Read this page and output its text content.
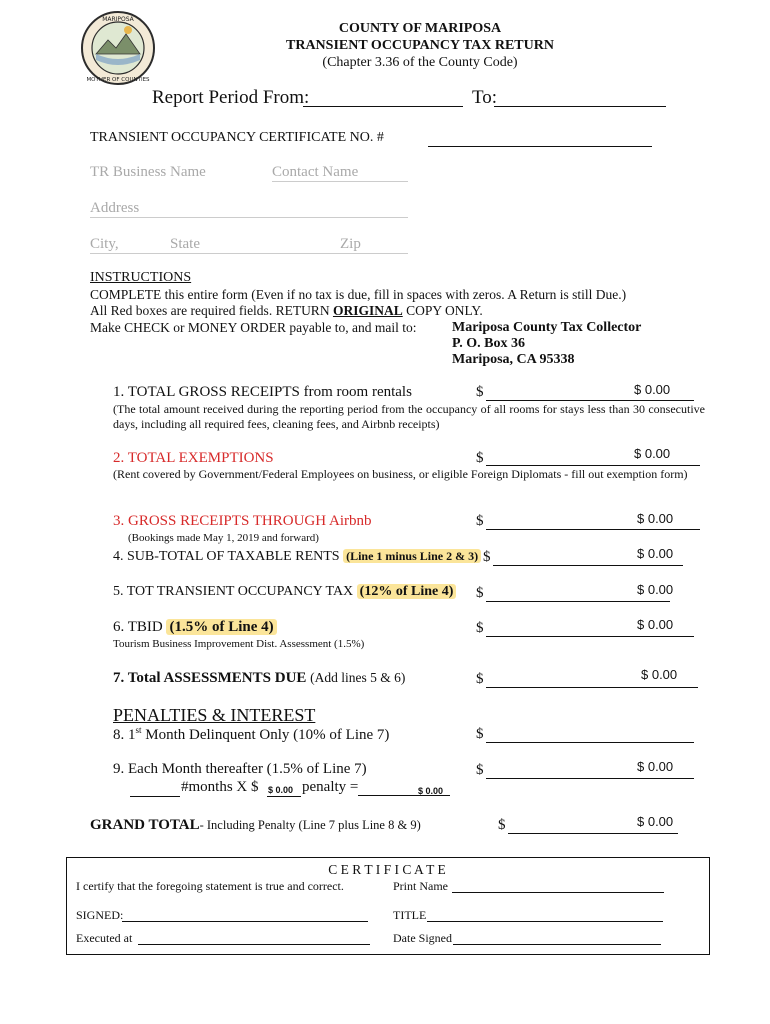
MARIPOSA
MOTHER OF COUNTIES
COUNTY OF MARIPOSA
TRANSIENT OCCUPANCY TAX RETURN
(Chapter 3.36 of the County Code)
Report Period From:	To:
TRANSIENT OCCUPANCY CERTIFICATE NO. #
TR Business Name	Contact Name
Address
City,	State	Zip
INSTRUCTIONS
COMPLETE this entire form (Even if no tax is due, fill in spaces with zeros. A Return is still Due.)
All Red boxes are required fields. RETURN ORIGINAL COPY ONLY.
Make CHECK or MONEY ORDER payable to, and mail to:	Mariposa County Tax Collector
P. O. Box 36
Mariposa, CA 95338
1. TOTAL GROSS RECEIPTS from room rentals	$	$ 0.00
(The total amount received during the reporting period from the occupancy of all rooms for stays less than 30 consecutive days, including all required fees, cleaning fees, and Airbnb receipts)
2. TOTAL EXEMPTIONS	$	$ 0.00
(Rent covered by Government/Federal Employees on business, or eligible Foreign Diplomats - fill out exemption form)
3. GROSS RECEIPTS THROUGH Airbnb	$	$ 0.00
(Bookings made May 1, 2019 and forward)
4. SUB-TOTAL OF TAXABLE RENTS (Line 1 minus Line 2 & 3) $	$ 0.00
5. TOT TRANSIENT OCCUPANCY TAX (12% of Line 4) $	$ 0.00
6. TBID (1.5% of Line 4)	$	$ 0.00
Tourism Business Improvement Dist. Assessment (1.5%)
7. Total ASSESSMENTS DUE (Add lines 5 & 6)	$	$ 0.00
PENALTIES & INTEREST
8. 1st Month Delinquent Only (10% of Line 7)	$
9. Each Month thereafter (1.5% of Line 7)	$	$ 0.00
#months X $ $ 0.00 penalty =	$ 0.00
GRAND TOTAL- Including Penalty (Line 7 plus Line 8 & 9)	$	$ 0.00
C E R T I F I C A T E
I certify that the foregoing statement is true and correct.	Print Name
SIGNED:	TITLE
Executed at	Date Signed
